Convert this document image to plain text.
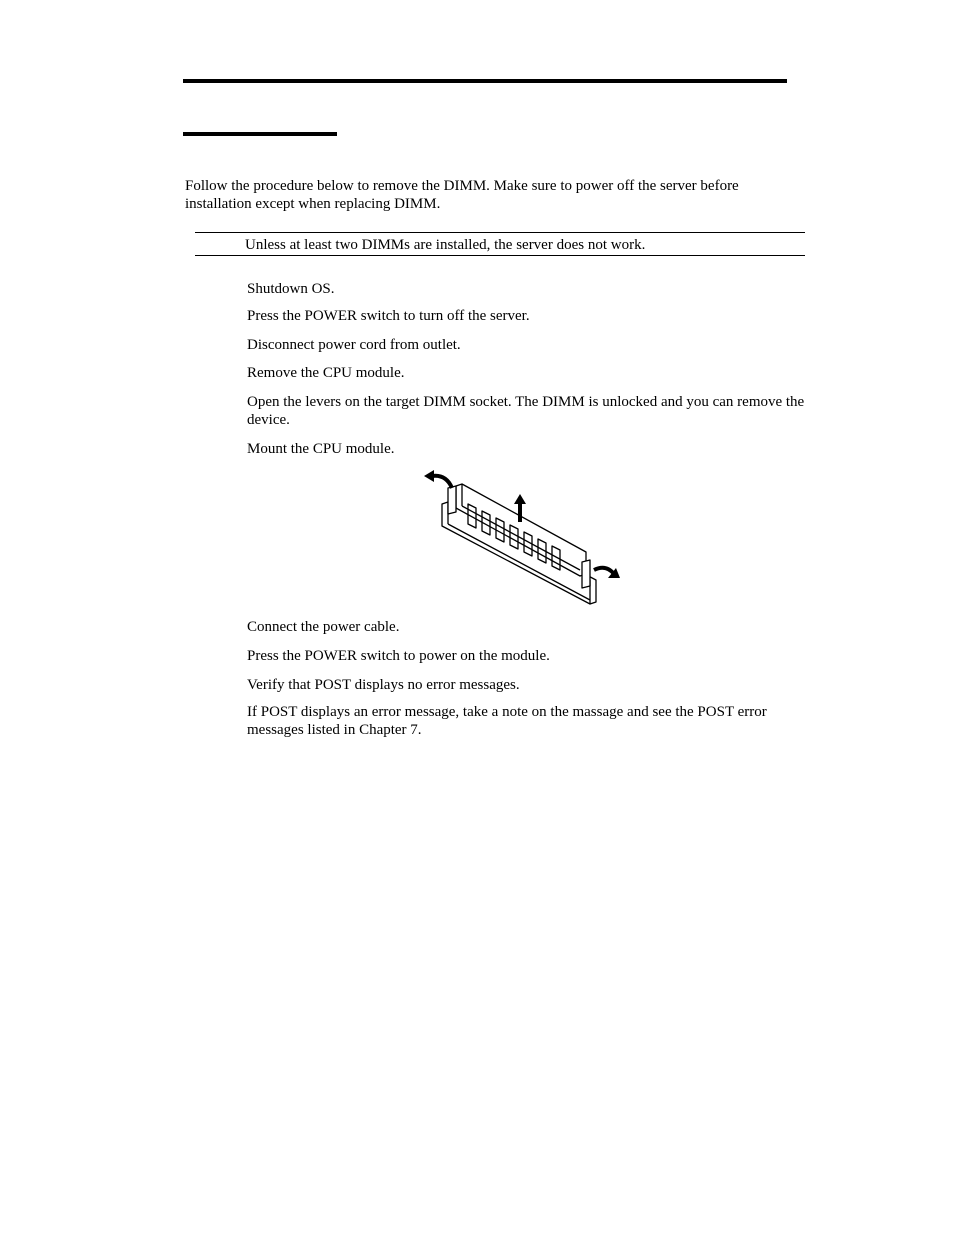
Follow the procedure below to remove the DIMM. Make sure to power off the server before installation except when replacing DIMM.
Unless at least two DIMMs are installed, the server does not work.
Shutdown OS.
Press the POWER switch to turn off the server.
Disconnect power cord from outlet.
Remove the CPU module.
Open the levers on the target DIMM socket. The DIMM is unlocked and you can remove the device.
Mount the CPU module.
Connect the power cable.
Press the POWER switch to power on the module.
Verify that POST displays no error messages.
If POST displays an error message, take a note on the massage and see the POST error messages listed in Chapter 7.
